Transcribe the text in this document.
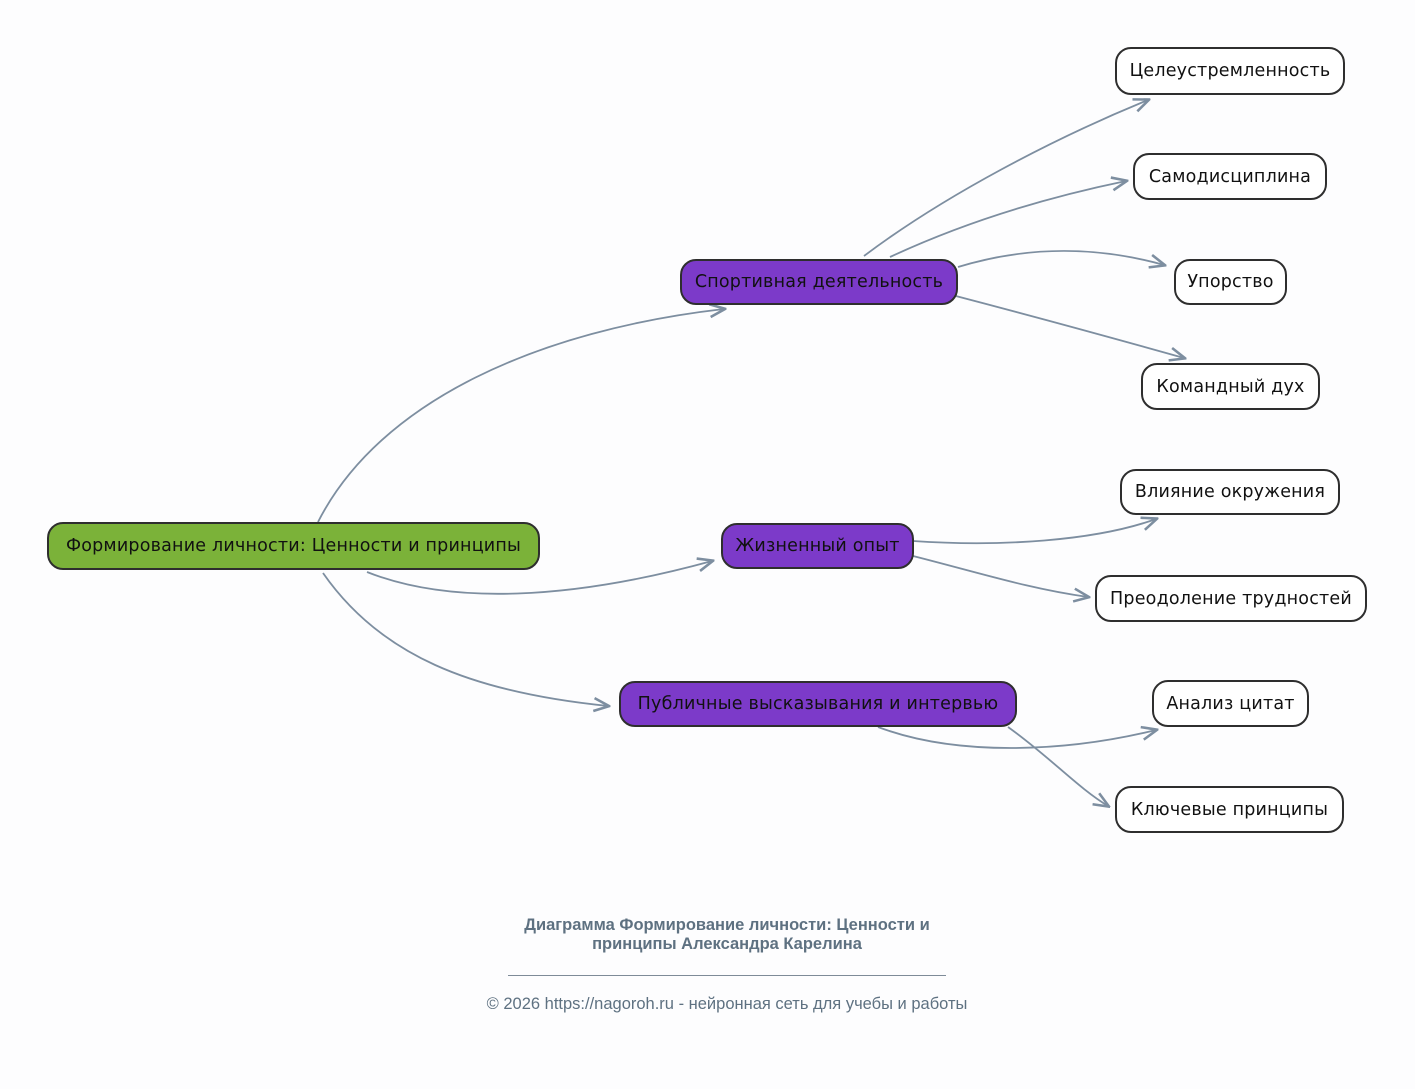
Формирование личности: Ценности и принципы
Спортивная деятельность
Жизненный опыт
Публичные высказывания и интервью
Целеустремленность
Самодисциплина
Упорство
Командный дух
Влияние окружения
Преодоление трудностей
Анализ цитат
Ключевые принципы
Диаграмма Формирование личности: Ценности и
принципы Александра Карелина
© 2026 https://nagoroh.ru - нейронная сеть для учебы и работы
